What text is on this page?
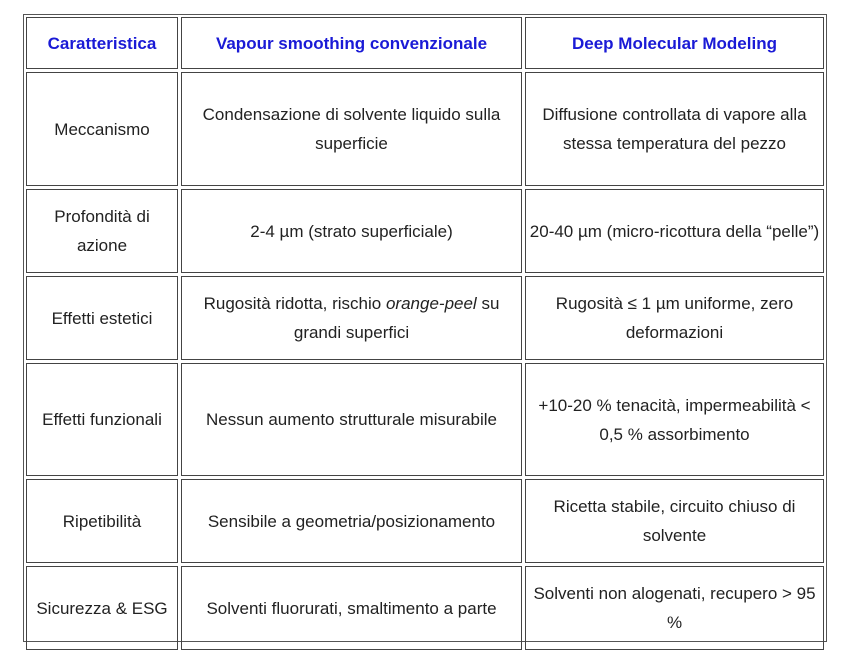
Caratteristica	Vapour smoothing convenzionale	Deep Molecular Modeling
Meccanismo	Condensazione di solvente liquido sulla superficie	Diffusione controllata di vapore alla stessa temperatura del pezzo
Profondità di azione	2-4 µm (strato superficiale)	20-40 µm (micro-ricottura della “pelle”)
Effetti estetici	Rugosità ridotta, rischio orange-peel su grandi superfici	Rugosità ≤ 1 µm uniforme, zero deformazioni
Effetti funzionali	Nessun aumento strutturale misurabile	+10-20 % tenacità, impermeabilità < 0,5 % assorbimento
Ripetibilità	Sensibile a geometria/posizionamento	Ricetta stabile, circuito chiuso di solvente
Sicurezza & ESG	Solventi fluorurati, smaltimento a parte	Solventi non alogenati, recupero > 95 %
